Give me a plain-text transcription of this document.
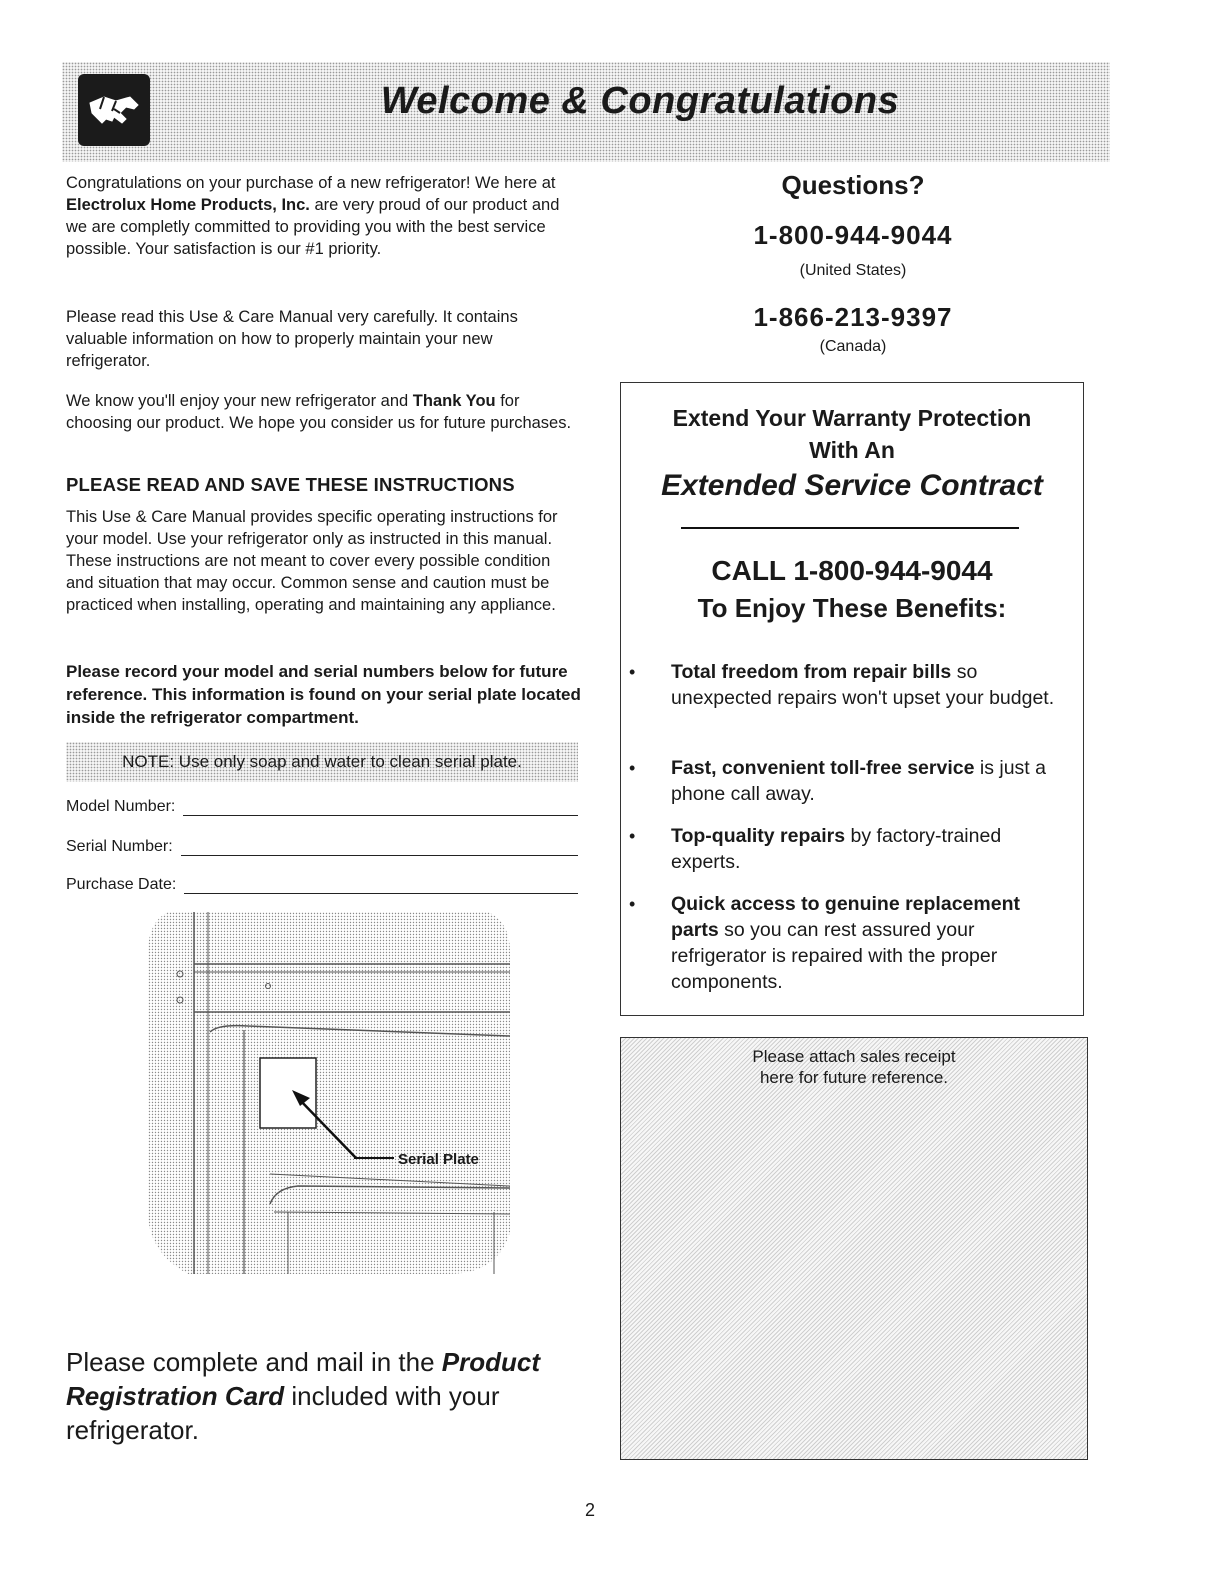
Welcome & Congratulations

Congratulations on your purchase of a new refrigerator! We here at Electrolux Home Products, Inc. are very proud of our product and we are completly committed to providing you with the best service possible. Your satisfaction is our #1 priority.

Please read this Use & Care Manual very carefully. It contains valuable information on how to properly maintain your new refrigerator.

We know you'll enjoy your new refrigerator and Thank You for choosing our product. We hope you consider us for future purchases.

PLEASE READ AND SAVE THESE INSTRUCTIONS

This Use & Care Manual provides specific operating instructions for your model. Use your refrigerator only as instructed in this manual. These instructions are not meant to cover every possible condition and situation that may occur. Common sense and caution must be practiced when installing, operating and maintaining any appliance.

Please record your model and serial numbers below for future reference. This information is found on your serial plate located inside the refrigerator compartment.

NOTE: Use only soap and water to clean serial plate.
Model Number:
Serial Number:
Purchase Date:
Serial Plate

Please complete and mail in the Product Registration Card included with your refrigerator.

Questions?
1-800-944-9044
(United States)
1-866-213-9397
(Canada)
Extend Your Warranty Protection
With An
Extended Service Contract
CALL 1-800-944-9044
To Enjoy These Benefits:
• Total freedom from repair bills so unexpected repairs won't upset your budget.

• Fast, convenient toll-free service is just a phone call away.

• Top-quality repairs by factory-trained experts.

• Quick access to genuine replacement parts so you can rest assured your refrigerator is repaired with the proper components.

Please attach sales receipt
here for future reference.
2
